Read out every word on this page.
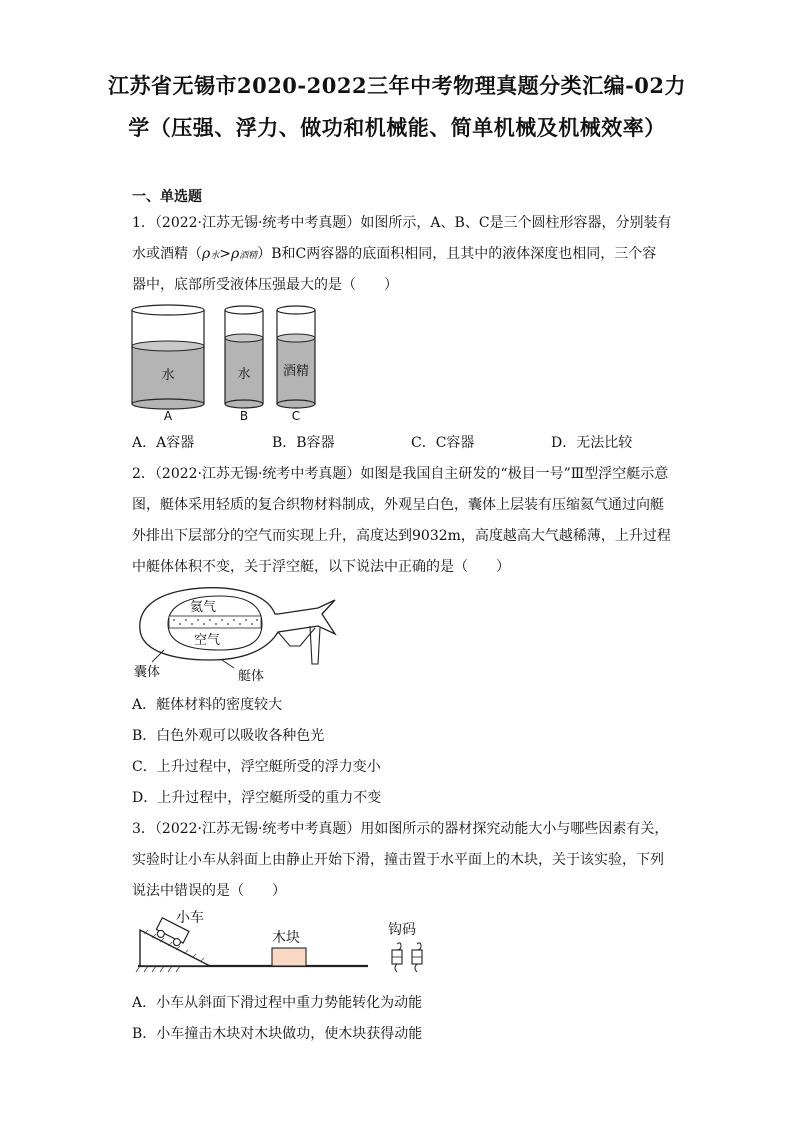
江苏省无锡市2020-2022三年中考物理真题分类汇编-02力
学（压强、浮力、做功和机械能、简单机械及机械效率）
一、单选题
1．（2022·江苏无锡·统考中考真题）如图所示，A、B、C是三个圆柱形容器，分别装有
水或酒精（ρ水>ρ酒精）B和C两容器的底面积相同，且其中的液体深度也相同，三个容
器中，底部所受液体压强最大的是（　　）
水
A
水
B
酒精
C
A．A容器	B．B容器	C．C容器	D．无法比较
2．（2022·江苏无锡·统考中考真题）如图是我国自主研发的“极目一号”Ⅲ型浮空艇示意
图，艇体采用轻质的复合织物材料制成，外观呈白色，囊体上层装有压缩氦气通过向艇
外排出下层部分的空气而实现上升，高度达到9032m，高度越高大气越稀薄，上升过程
中艇体体积不变，关于浮空艇，以下说法中正确的是（　　）
氦气
空气
囊体	艇体
A．艇体材料的密度较大
B．白色外观可以吸收各种色光
C．上升过程中，浮空艇所受的浮力变小
D．上升过程中，浮空艇所受的重力不变
3．（2022·江苏无锡·统考中考真题）用如图所示的器材探究动能大小与哪些因素有关，
实验时让小车从斜面上由静止开始下滑，撞击置于水平面上的木块，关于该实验，下列
说法中错误的是（　　）
小车
木块	钩码
A．小车从斜面下滑过程中重力势能转化为动能
B．小车撞击木块对木块做功，使木块获得动能
